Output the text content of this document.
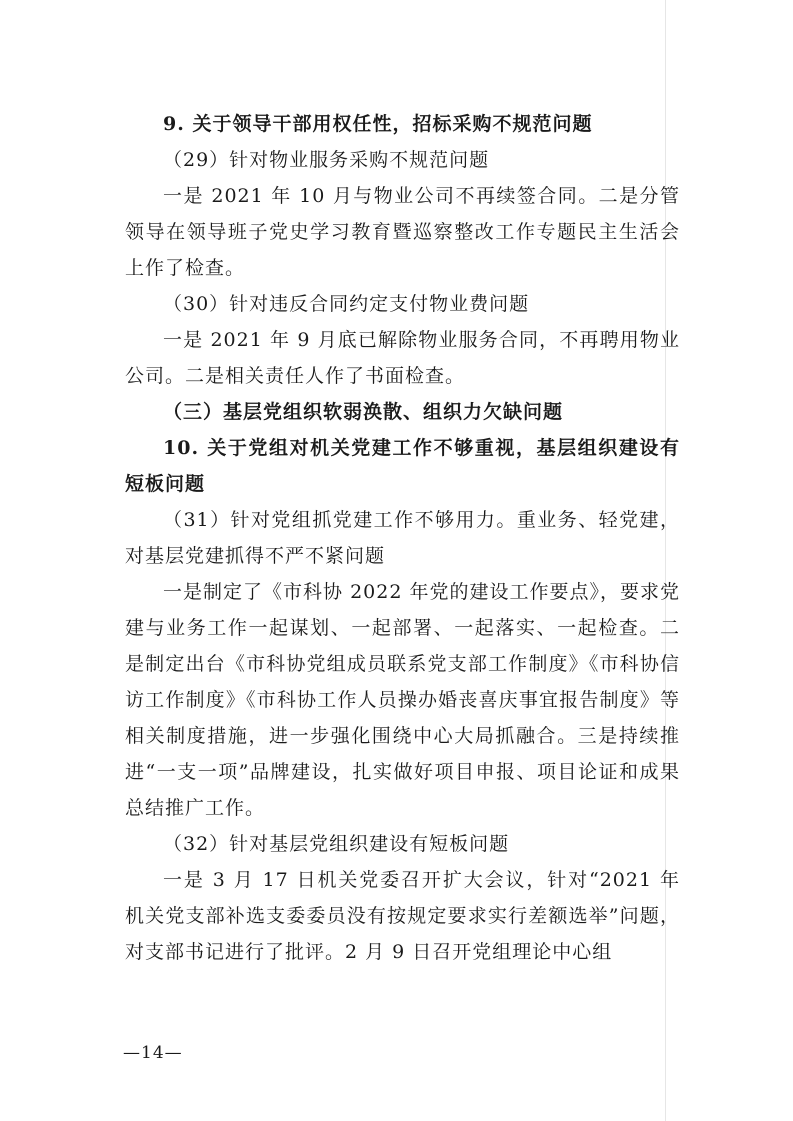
9. 关于领导干部用权任性，招标采购不规范问题

（29）针对物业服务采购不规范问题

一是 2021 年 10 月与物业公司不再续签合同。二是分管领导在领导班子党史学习教育暨巡察整改工作专题民主生活会上作了检查。

（30）针对违反合同约定支付物业费问题

一是 2021 年 9 月底已解除物业服务合同，不再聘用物业公司。二是相关责任人作了书面检查。

（三）基层党组织软弱涣散、组织力欠缺问题

10. 关于党组对机关党建工作不够重视，基层组织建设有短板问题

（31）针对党组抓党建工作不够用力。重业务、轻党建，对基层党建抓得不严不紧问题

一是制定了《市科协 2022 年党的建设工作要点》，要求党建与业务工作一起谋划、一起部署、一起落实、一起检查。二是制定出台《市科协党组成员联系党支部工作制度》《市科协信访工作制度》《市科协工作人员操办婚丧喜庆事宜报告制度》等相关制度措施，进一步强化围绕中心大局抓融合。三是持续推进“一支一项”品牌建设，扎实做好项目申报、项目论证和成果总结推广工作。

（32）针对基层党组织建设有短板问题

一是 3 月 17 日机关党委召开扩大会议，针对“2021 年机关党支部补选支委委员没有按规定要求实行差额选举”问题，对支部书记进行了批评。2 月 9 日召开党组理论中心组

—14—
